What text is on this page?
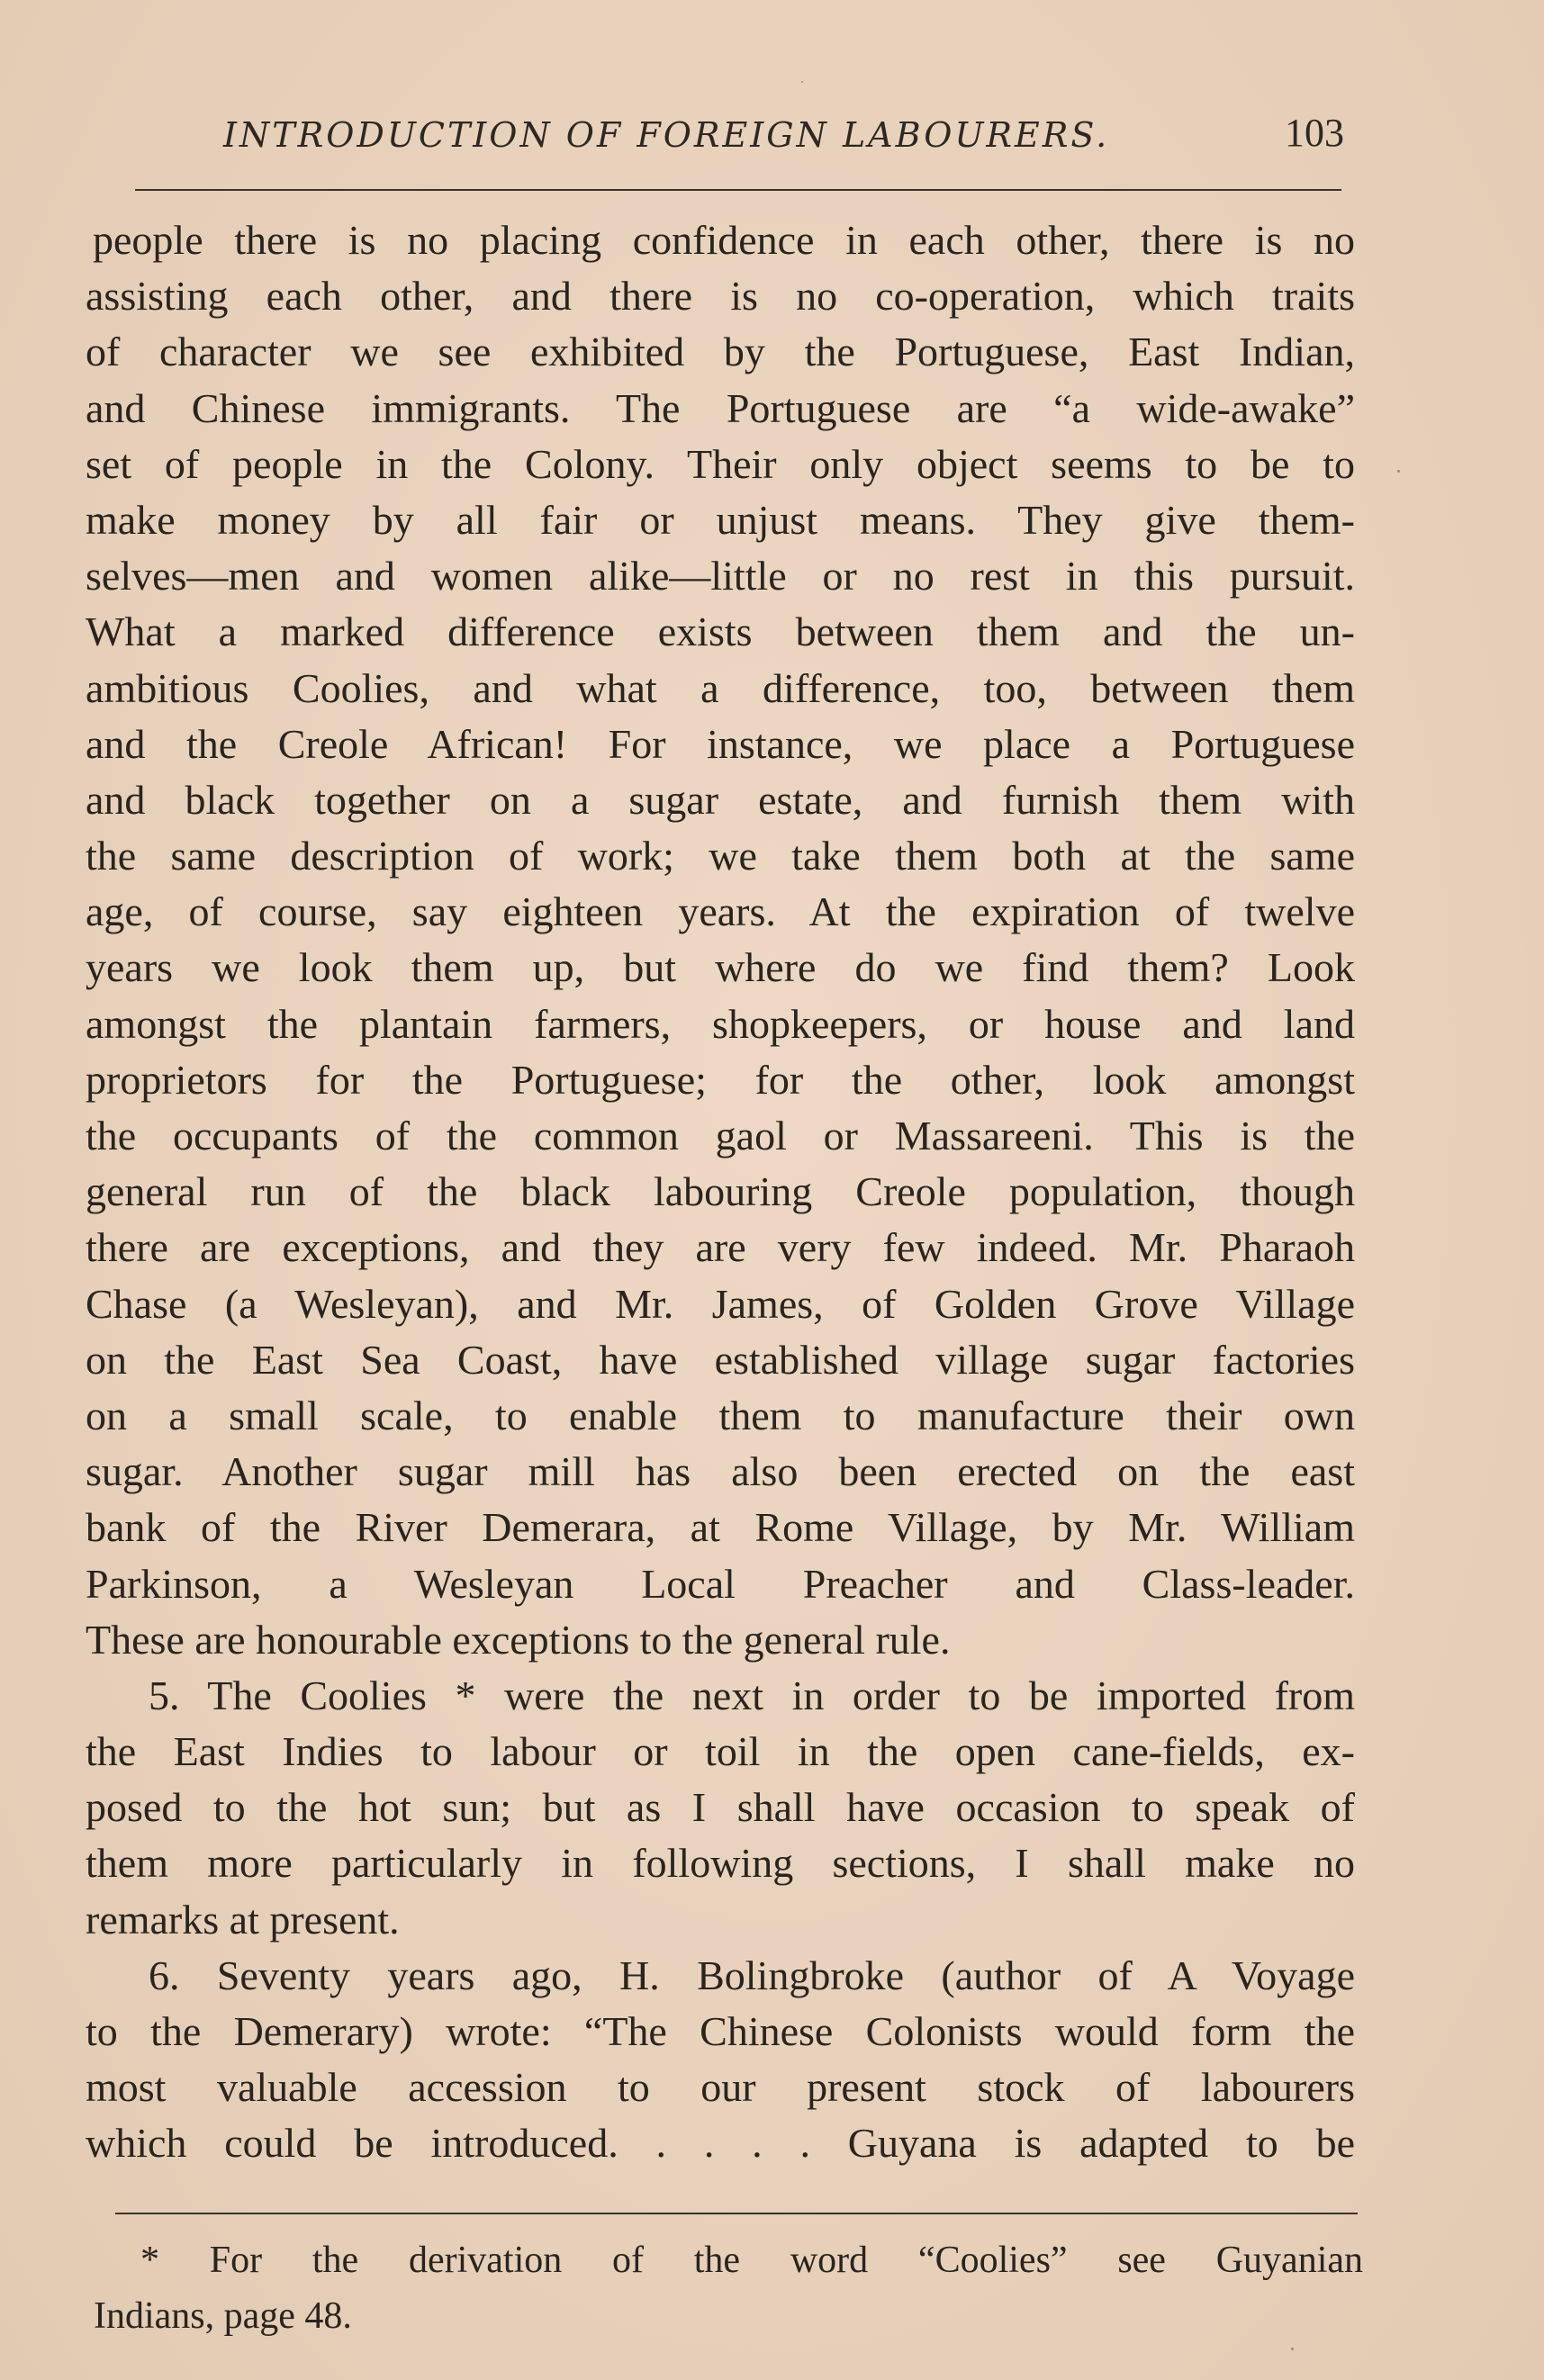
INTRODUCTION OF FOREIGN LABOURERS.	103
people there is no placing confidence in each other, there is no
assisting each other, and there is no co-operation, which traits
of character we see exhibited by the Portuguese, East Indian,
and Chinese immigrants. The Portuguese are “a wide-awake”
set of people in the Colony. Their only object seems to be to
make money by all fair or unjust means. They give them-
selves—men and women alike—little or no rest in this pursuit.
What a marked difference exists between them and the un-
ambitious Coolies, and what a difference, too, between them
and the Creole African! For instance, we place a Portuguese
and black together on a sugar estate, and furnish them with
the same description of work; we take them both at the same
age, of course, say eighteen years. At the expiration of twelve
years we look them up, but where do we find them? Look
amongst the plantain farmers, shopkeepers, or house and land
proprietors for the Portuguese; for the other, look amongst
the occupants of the common gaol or Massareeni. This is the
general run of the black labouring Creole population, though
there are exceptions, and they are very few indeed. Mr. Pharaoh
Chase (a Wesleyan), and Mr. James, of Golden Grove Village
on the East Sea Coast, have established village sugar factories
on a small scale, to enable them to manufacture their own
sugar. Another sugar mill has also been erected on the east
bank of the River Demerara, at Rome Village, by Mr. William
Parkinson, a Wesleyan Local Preacher and Class-leader.
These are honourable exceptions to the general rule.
5. The Coolies * were the next in order to be imported from
the East Indies to labour or toil in the open cane-fields, ex-
posed to the hot sun; but as I shall have occasion to speak of
them more particularly in following sections, I shall make no
remarks at present.
6. Seventy years ago, H. Bolingbroke (author of A Voyage
to the Demerary) wrote: “The Chinese Colonists would form the
most valuable accession to our present stock of labourers
which could be introduced. . . . . Guyana is adapted to be
* For the derivation of the word “Coolies” see Guyanian
Indians, page 48.
